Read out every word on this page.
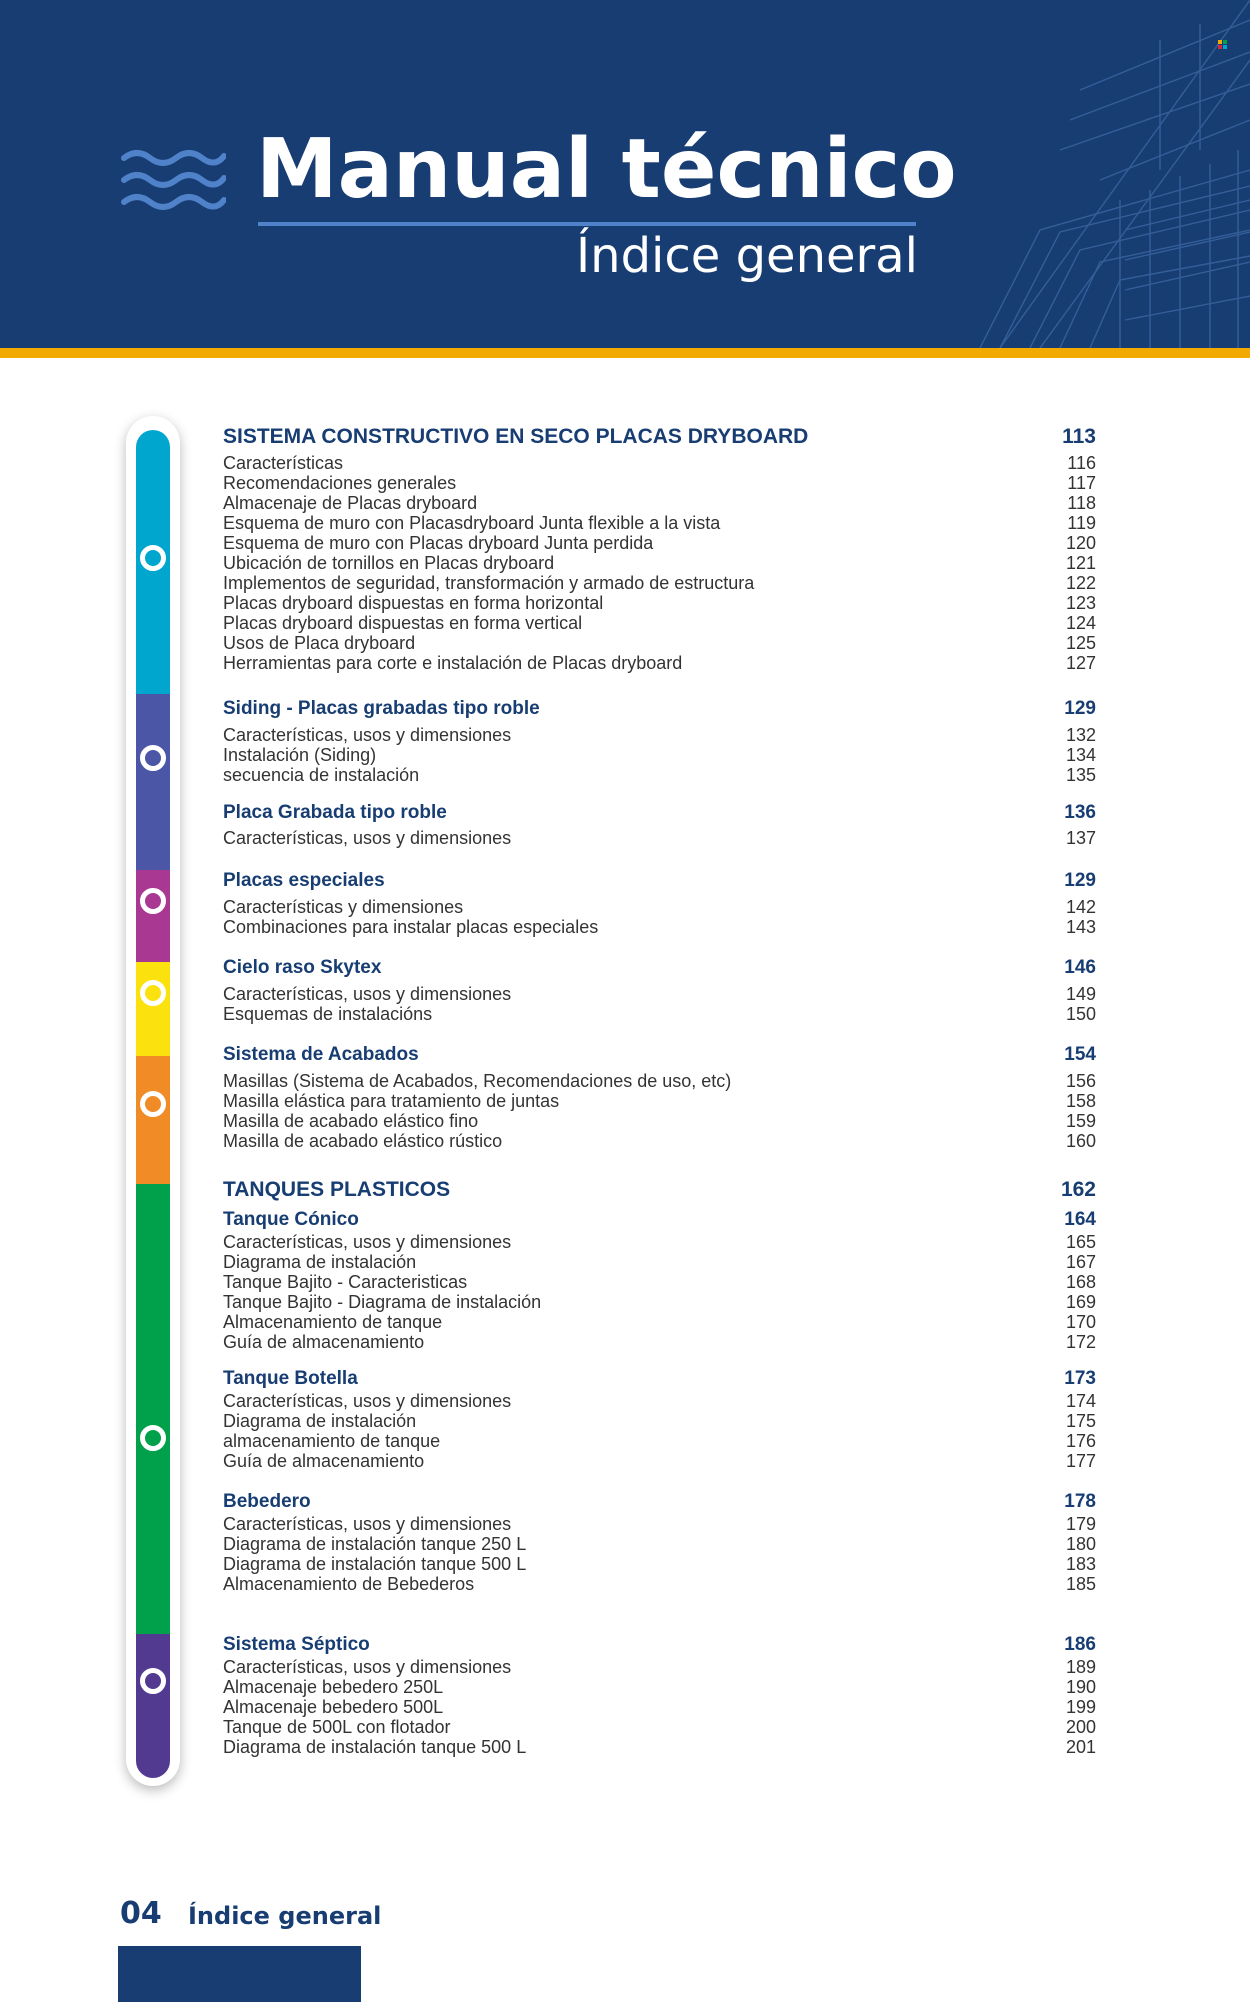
Manual técnico
Índice general
SISTEMA CONSTRUCTIVO EN SECO PLACAS DRYBOARD	113
Características	116
Recomendaciones generales	117
Almacenaje de Placas dryboard	118
Esquema de muro con Placasdryboard Junta flexible a la vista	119
Esquema de muro con Placas dryboard Junta perdida	120
Ubicación de tornillos en Placas dryboard	121
Implementos de seguridad, transformación y armado de estructura	122
Placas dryboard dispuestas en forma horizontal	123
Placas dryboard dispuestas en forma vertical	124
Usos de Placa dryboard	125
Herramientas para corte e instalación de Placas dryboard	127
Siding - Placas grabadas tipo roble	129
Características, usos y dimensiones	132
Instalación (Siding)	134
secuencia de instalación	135
Placa Grabada tipo roble	136
Características, usos y dimensiones	137
Placas especiales	129
Características y dimensiones	142
Combinaciones para instalar placas especiales	143
Cielo raso Skytex	146
Características, usos y dimensiones	149
Esquemas de instalacións	150
Sistema de Acabados	154
Masillas (Sistema de Acabados, Recomendaciones de uso, etc)	156
Masilla elástica para tratamiento de juntas	158
Masilla de acabado elástico fino	159
Masilla de acabado elástico rústico	160
TANQUES PLASTICOS	162
Tanque Cónico	164
Características, usos y dimensiones	165
Diagrama de instalación	167
Tanque Bajito - Caracteristicas	168
Tanque Bajito - Diagrama de instalación	169
Almacenamiento de tanque	170
Guía de almacenamiento	172
Tanque Botella	173
Características, usos y dimensiones	174
Diagrama de instalación	175
almacenamiento de tanque	176
Guía de almacenamiento	177
Bebedero	178
Características, usos y dimensiones	179
Diagrama de instalación tanque 250 L	180
Diagrama de instalación tanque 500 L	183
Almacenamiento de Bebederos	185
Sistema Séptico	186
Características, usos y dimensiones	189
Almacenaje bebedero 250L	190
Almacenaje bebedero 500L	199
Tanque de 500L con flotador	200
Diagrama de instalación tanque 500 L	201
04 Índice general
